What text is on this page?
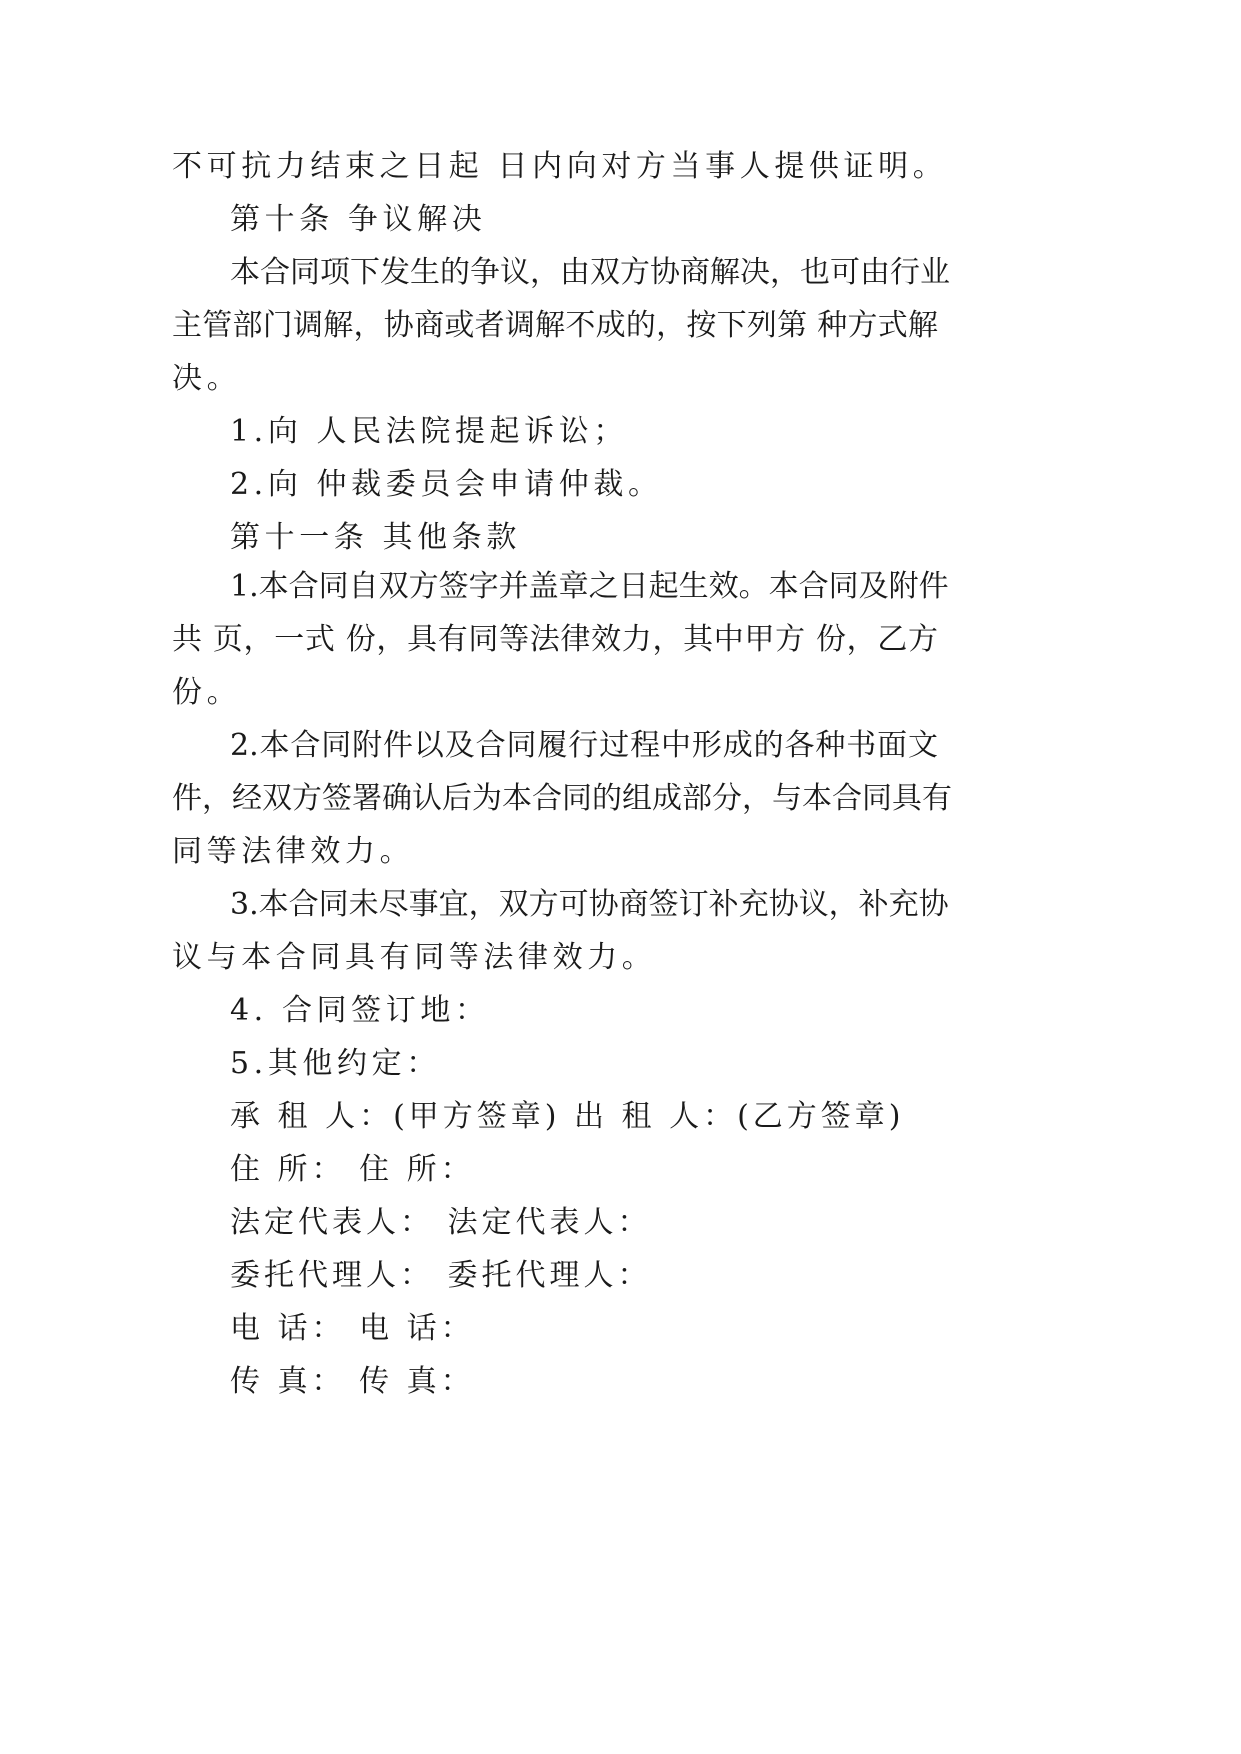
不可抗力结束之日起 日内向对方当事人提供证明。

第十条 争议解决

本合同项下发生的争议，由双方协商解决，也可由行业

主管部门调解，协商或者调解不成的，按下列第 种方式解

决。

1.向 人民法院提起诉讼；

2.向 仲裁委员会申请仲裁。

第十一条 其他条款

1.本合同自双方签字并盖章之日起生效。本合同及附件

共 页，一式 份，具有同等法律效力，其中甲方 份，乙方

份。

2.本合同附件以及合同履行过程中形成的各种书面文

件，经双方签署确认后为本合同的组成部分，与本合同具有

同等法律效力。

3.本合同未尽事宜，双方可协商签订补充协议，补充协

议与本合同具有同等法律效力。

4. 合同签订地：

5.其他约定：

承 租 人：(甲方签章) 出 租 人：(乙方签章)

住 所： 住 所：

法定代表人： 法定代表人：

委托代理人： 委托代理人：

电 话： 电 话：

传 真： 传 真：
